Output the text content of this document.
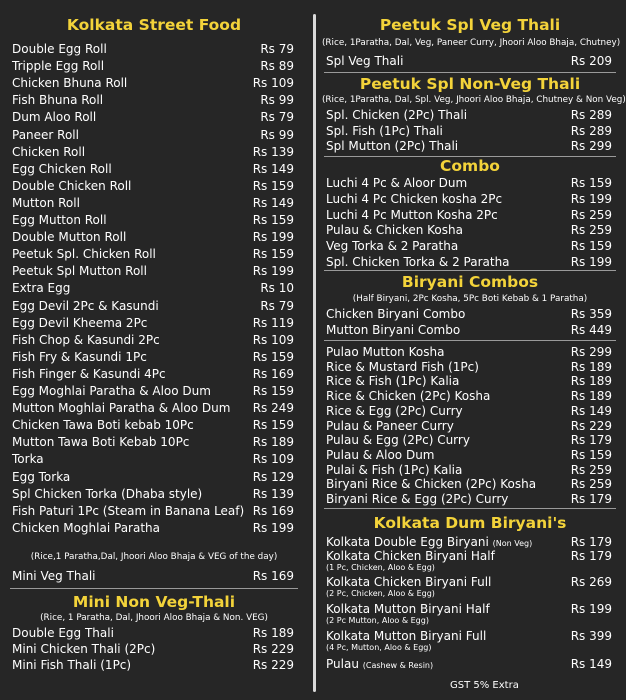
Kolkata Street Food
Double Egg Roll	Rs 79
Tripple Egg Roll	Rs 89
Chicken Bhuna Roll	Rs 109
Fish Bhuna Roll	Rs 99
Dum Aloo Roll	Rs 79
Paneer Roll	Rs 99
Chicken Roll	Rs 139
Egg Chicken Roll	Rs 149
Double Chicken Roll	Rs 159
Mutton Roll	Rs 149
Egg Mutton Roll	Rs 159
Double Mutton Roll	Rs 199
Peetuk Spl. Chicken Roll	Rs 159
Peetuk Spl Mutton Roll	Rs 199
Extra Egg	Rs 10
Egg Devil 2Pc & Kasundi	Rs 79
Egg Devil Kheema 2Pc	Rs 119
Fish Chop & Kasundi 2Pc	Rs 109
Fish Fry & Kasundi 1Pc	Rs 159
Fish Finger & Kasundi 4Pc	Rs 169
Egg Moghlai Paratha & Aloo Dum	Rs 159
Mutton Moghlai Paratha & Aloo Dum Rs 249
Chicken Tawa Boti kebab 10Pc	Rs 159
Mutton Tawa Boti Kebab 10Pc	Rs 189
Torka	Rs 109
Egg Torka	Rs 129
Spl Chicken Torka (Dhaba style)	Rs 139
Fish Paturi 1Pc (Steam in Banana Leaf) Rs 169
Chicken Moghlai Paratha	Rs 199
(Rice,1 Paratha,Dal, Jhoori Aloo Bhaja & VEG of the day)
Mini Veg Thali	Rs 169
Mini Non Veg-Thali
(Rice, 1 Paratha, Dal, Jhoori Aloo Bhaja & Non. VEG)
Double Egg Thali	Rs 189
Mini Chicken Thali (2Pc)	Rs 229
Mini Fish Thali (1Pc)	Rs 229
Peetuk Spl Veg Thali
(Rice, 1Paratha, Dal, Veg, Paneer Curry, Jhoori Aloo Bhaja, Chutney)
Spl Veg Thali	Rs 209
Peetuk Spl Non-Veg Thali
(Rice, 1Paratha, Dal, Spl. Veg, Jhoori Aloo Bhaja, Chutney & Non Veg)
Spl. Chicken (2Pc) Thali	Rs 289
Spl. Fish (1Pc) Thali	Rs 289
Spl Mutton (2Pc) Thali	Rs 299
Combo
Luchi 4 Pc & Aloor Dum	Rs 159
Luchi 4 Pc Chicken kosha 2Pc	Rs 199
Luchi 4 Pc Mutton Kosha 2Pc	Rs 259
Pulau & Chicken Kosha	Rs 259
Veg Torka & 2 Paratha	Rs 159
Spl. Chicken Torka & 2 Paratha	Rs 199
Biryani Combos
(Half Biryani, 2Pc Kosha, 5Pc Boti Kebab & 1 Paratha)
Chicken Biryani Combo	Rs 359
Mutton Biryani Combo	Rs 449
Pulao Mutton Kosha	Rs 299
Rice & Mustard Fish (1Pc)	Rs 189
Rice & Fish (1Pc) Kalia	Rs 189
Rice & Chicken (2Pc) Kosha	Rs 189
Rice & Egg (2Pc) Curry	Rs 149
Pulau & Paneer Curry	Rs 229
Pulau & Egg (2Pc) Curry	Rs 179
Pulau & Aloo Dum	Rs 159
Pulai & Fish (1Pc) Kalia	Rs 259
Biryani Rice & Chicken (2Pc) Kosha	Rs 259
Biryani Rice & Egg (2Pc) Curry	Rs 179
Kolkata Dum Biryani's
Kolkata Double Egg Biryani (Non Veg)	Rs 179
Kolkata Chicken Biryani Half	Rs 179
(1 Pc, Chicken, Aloo & Egg)
Kolkata Chicken Biryani Full	Rs 269
(2 Pc, Chicken, Aloo & Egg)
Kolkata Mutton Biryani Half	Rs 199
(2 Pc Mutton, Aloo & Egg)
Kolkata Mutton Biryani Full	Rs 399
(4 Pc, Mutton, Aloo & Egg)
Pulau (Cashew & Resin)	Rs 149
GST 5% Extra
